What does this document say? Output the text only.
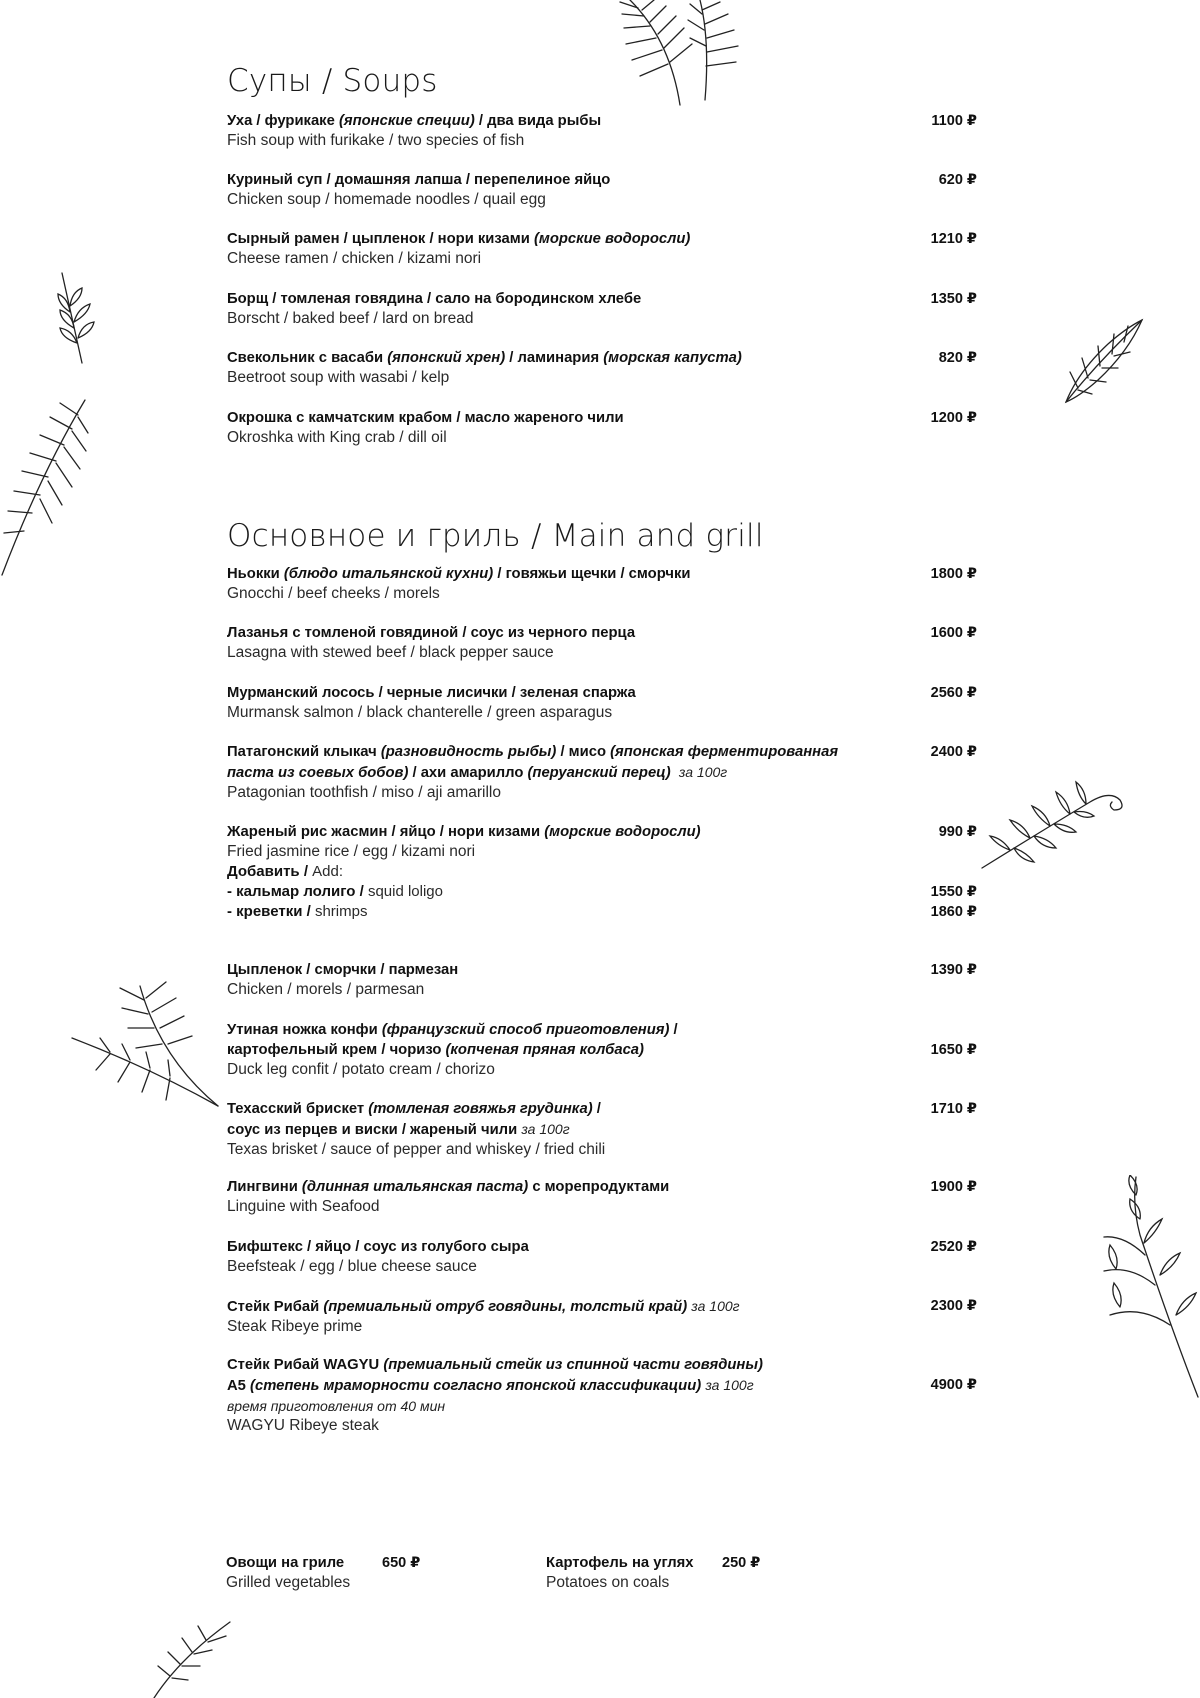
Супы / Soups
Уха / фурикаке (японские специи) / два вида рыбы
Fish soup with furikake / two species of fish
1100 ₽
Куриный суп / домашняя лапша / перепелиное яйцо
Chicken soup / homemade noodles / quail egg
620 ₽
Сырный рамен / цыпленок / нори кизами (морские водоросли)
Cheese ramen / chicken / kizami nori
1210 ₽
Борщ / томленая говядина / сало на бородинском хлебе
Borscht / baked beef / lard on bread
1350 ₽
Свекольник с васаби (японский хрен) / ламинария (морская капуста)
Beetroot soup with wasabi / kelp
820 ₽
Окрошка с камчатским крабом / масло жареного чили
Okroshka with King crab / dill oil
1200 ₽
Основное и гриль / Main and grill
Ньокки (блюдо итальянской кухни) / говяжьи щечки / сморчки
Gnocchi / beef cheeks / morels
1800 ₽
Лазанья с томленой говядиной / соус из черного перца
Lasagna with stewed beef / black pepper sauce
1600 ₽
Мурманский лосось / черные лисички / зеленая спаржа
Murmansk salmon / black chanterelle / green asparagus
2560 ₽
Патагонский клыкач (разновидность рыбы) / мисо (японская ферментированная
паста из соевых бобов) / ахи амарилло (перуанский перец) за 100г
Patagonian toothfish / miso / aji amarillo
2400 ₽
Жареный рис жасмин / яйцо / нори кизами (морские водоросли)
Fried jasmine rice / egg / kizami nori
Добавить / Add:
- кальмар лолиго / squid loligo
- креветки / shrimps
990 ₽
1550 ₽
1860 ₽
Цыпленок / сморчки / пармезан
Chicken / morels / parmesan
1390 ₽
Утиная ножка конфи (французский способ приготовления) /
картофельный крем / чоризо (копченая пряная колбаса)
Duck leg confit / potato cream / chorizo
1650 ₽
Техасский брискет (томленая говяжья грудинка) /
соус из перцев и виски / жареный чили за 100г
Texas brisket / sauce of pepper and whiskey / fried chili
1710 ₽
Лингвини (длинная итальянская паста) с морепродуктами
Linguine with Seafood
1900 ₽
Бифштекс / яйцо / соус из голубого сыра
Beefsteak / egg / blue cheese sauce
2520 ₽
Стейк Рибай (премиальный отруб говядины, толстый край) за 100г
Steak Ribeye prime
2300 ₽
Стейк Рибай WAGYU (премиальный стейк из спинной части говядины)
А5 (степень мраморности согласно японской классификации) за 100г
время приготовления от 40 мин
WAGYU Ribeye steak
4900 ₽
Овощи на гриле
Grilled vegetables
650 ₽	Картофель на углях
Potatoes on coals
250 ₽
